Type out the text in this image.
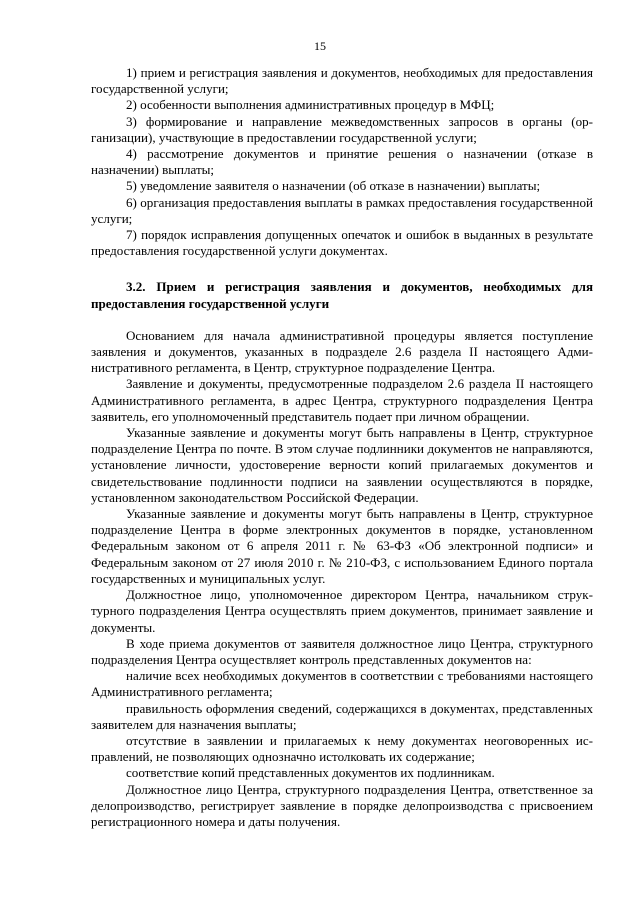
15

1) прием и регистрация заявления и документов, необходимых для предоставления государственной услуги;

2) особенности выполнения административных процедур в МФЦ;

3) формирование и направление межведомственных запросов в органы (организации), участвующие в предоставлении государственной услуги;

4) рассмотрение документов и принятие решения о назначении (отказе в назначении) выплаты;

5) уведомление заявителя о назначении (об отказе в назначении) выплаты;

6) организация предоставления выплаты в рамках предоставления государственной услуги;

7) порядок исправления допущенных опечаток и ошибок в выданных в результате предоставления государственной услуги документах.

3.2. Прием и регистрация заявления и документов, необходимых для предоставления государственной услуги

Основанием для начала административной процедуры является поступление заявления и документов, указанных в подразделе 2.6 раздела II настоящего Административного регламента, в Центр, структурное подразделение Центра.

Заявление и документы, предусмотренные подразделом 2.6 раздела II настоящего Административного регламента, в адрес Центра, структурного подразделения Центра заявитель, его уполномоченный представитель подает при личном обращении.

Указанные заявление и документы могут быть направлены в Центр, структурное подразделение Центра по почте. В этом случае подлинники документов не направляются, установление личности, удостоверение верности копий прилагаемых документов и свидетельствование подлинности подписи на заявлении осуществляются в порядке, установленном законодательством Российской Федерации.

Указанные заявление и документы могут быть направлены в Центр, структурное подразделение Центра в форме электронных документов в порядке, установленном Федеральным законом от 6 апреля 2011 г. № 63-ФЗ «Об электронной подписи» и Федеральным законом от 27 июля 2010 г. № 210-ФЗ, с использованием Единого портала государственных и муниципальных услуг.

Должностное лицо, уполномоченное директором Центра, начальником структурного подразделения Центра осуществлять прием документов, принимает заявление и документы.

В ходе приема документов от заявителя должностное лицо Центра, структурного подразделения Центра осуществляет контроль представленных документов на:

наличие всех необходимых документов в соответствии с требованиями настоящего Административного регламента;

правильность оформления сведений, содержащихся в документах, представленных заявителем для назначения выплаты;

отсутствие в заявлении и прилагаемых к нему документах неоговоренных исправлений, не позволяющих однозначно истолковать их содержание;

соответствие копий представленных документов их подлинникам.

Должностное лицо Центра, структурного подразделения Центра, ответственное за делопроизводство, регистрирует заявление в порядке делопроизводства с присвоением регистрационного номера и даты получения.
